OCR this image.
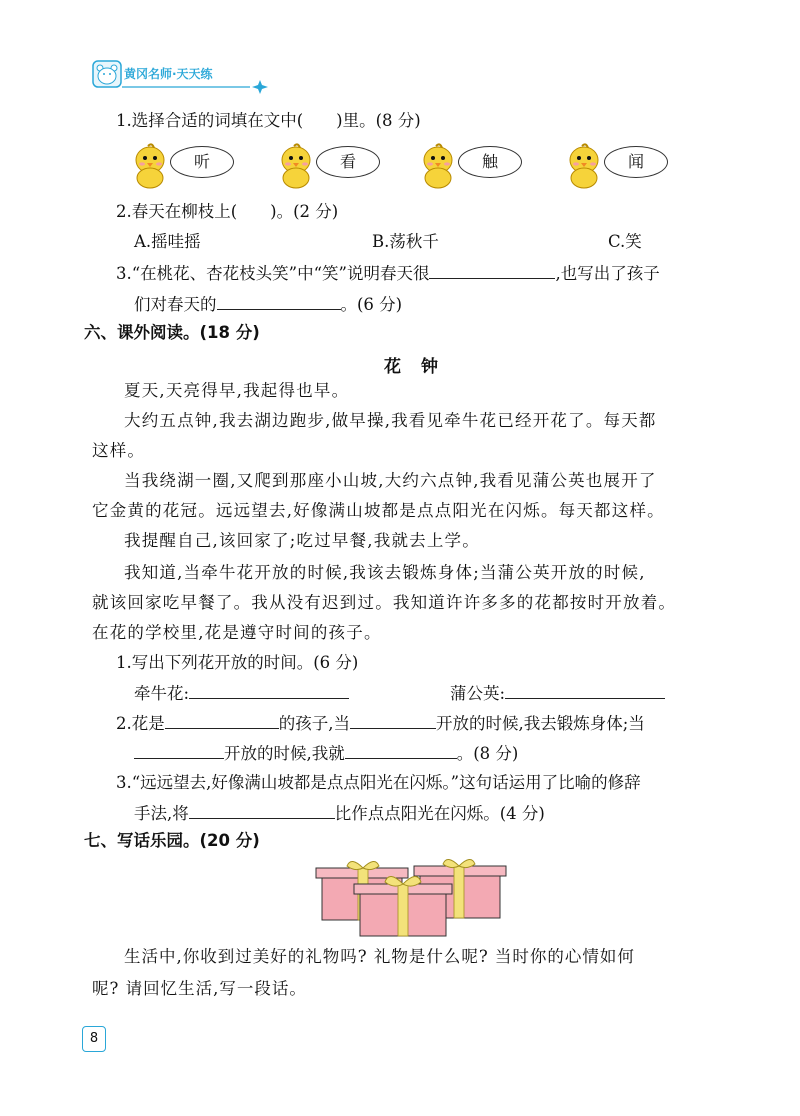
黄冈名师·天天练
1.选择合适的词填在文中(　　)里。(8 分)
听	看	触	闻
2.春天在柳枝上(　　)。(2 分)
A.摇哇摇	B.荡秋千	C.笑
3.“在桃花、杏花枝头笑”中“笑”说明春天很	,也写出了孩子
们对春天的	。(6 分)
六、课外阅读。(18 分)
花钟
夏天,天亮得早,我起得也早。
大约五点钟,我去湖边跑步,做早操,我看见牵牛花已经开花了。每天都
这样。
当我绕湖一圈,又爬到那座小山坡,大约六点钟,我看见蒲公英也展开了
它金黄的花冠。远远望去,好像满山坡都是点点阳光在闪烁。每天都这样。
我提醒自己,该回家了;吃过早餐,我就去上学。
我知道,当牵牛花开放的时候,我该去锻炼身体;当蒲公英开放的时候,
就该回家吃早餐了。我从没有迟到过。我知道许许多多的花都按时开放着。
在花的学校里,花是遵守时间的孩子。
1.写出下列花开放的时间。(6 分)
牵牛花:	蒲公英:
2.花是	的孩子,当	开放的时候,我去锻炼身体;当
开放的时候,我就	。(8 分)
3.“远远望去,好像满山坡都是点点阳光在闪烁。”这句话运用了比喻的修辞
手法,将	比作点点阳光在闪烁。(4 分)
七、写话乐园。(20 分)
生活中,你收到过美好的礼物吗? 礼物是什么呢? 当时你的心情如何
呢? 请回忆生活,写一段话。
8
